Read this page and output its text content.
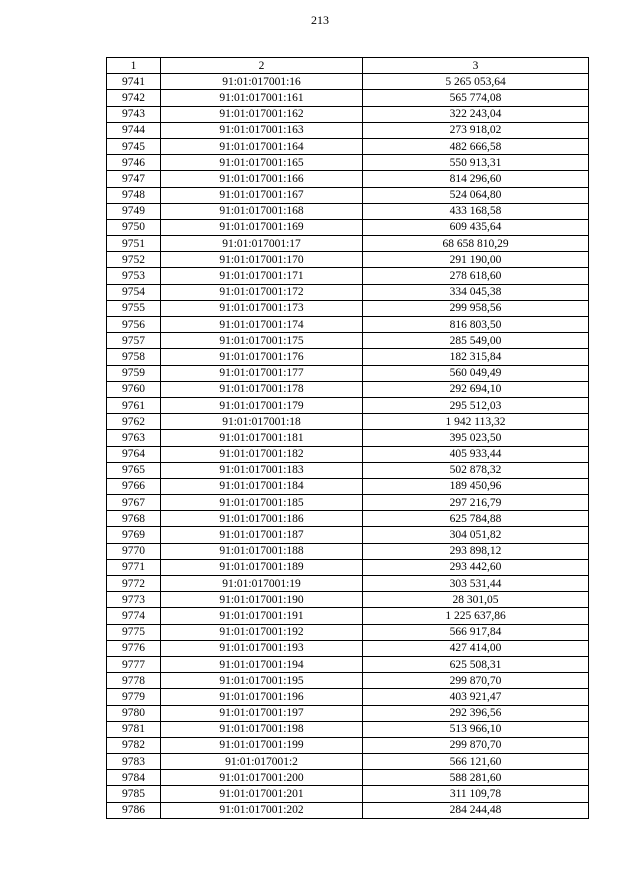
213
1	2	3
9741	91:01:017001:16	5 265 053,64
9742	91:01:017001:161	565 774,08
9743	91:01:017001:162	322 243,04
9744	91:01:017001:163	273 918,02
9745	91:01:017001:164	482 666,58
9746	91:01:017001:165	550 913,31
9747	91:01:017001:166	814 296,60
9748	91:01:017001:167	524 064,80
9749	91:01:017001:168	433 168,58
9750	91:01:017001:169	609 435,64
9751	91:01:017001:17	68 658 810,29
9752	91:01:017001:170	291 190,00
9753	91:01:017001:171	278 618,60
9754	91:01:017001:172	334 045,38
9755	91:01:017001:173	299 958,56
9756	91:01:017001:174	816 803,50
9757	91:01:017001:175	285 549,00
9758	91:01:017001:176	182 315,84
9759	91:01:017001:177	560 049,49
9760	91:01:017001:178	292 694,10
9761	91:01:017001:179	295 512,03
9762	91:01:017001:18	1 942 113,32
9763	91:01:017001:181	395 023,50
9764	91:01:017001:182	405 933,44
9765	91:01:017001:183	502 878,32
9766	91:01:017001:184	189 450,96
9767	91:01:017001:185	297 216,79
9768	91:01:017001:186	625 784,88
9769	91:01:017001:187	304 051,82
9770	91:01:017001:188	293 898,12
9771	91:01:017001:189	293 442,60
9772	91:01:017001:19	303 531,44
9773	91:01:017001:190	28 301,05
9774	91:01:017001:191	1 225 637,86
9775	91:01:017001:192	566 917,84
9776	91:01:017001:193	427 414,00
9777	91:01:017001:194	625 508,31
9778	91:01:017001:195	299 870,70
9779	91:01:017001:196	403 921,47
9780	91:01:017001:197	292 396,56
9781	91:01:017001:198	513 966,10
9782	91:01:017001:199	299 870,70
9783	91:01:017001:2	566 121,60
9784	91:01:017001:200	588 281,60
9785	91:01:017001:201	311 109,78
9786	91:01:017001:202	284 244,48
